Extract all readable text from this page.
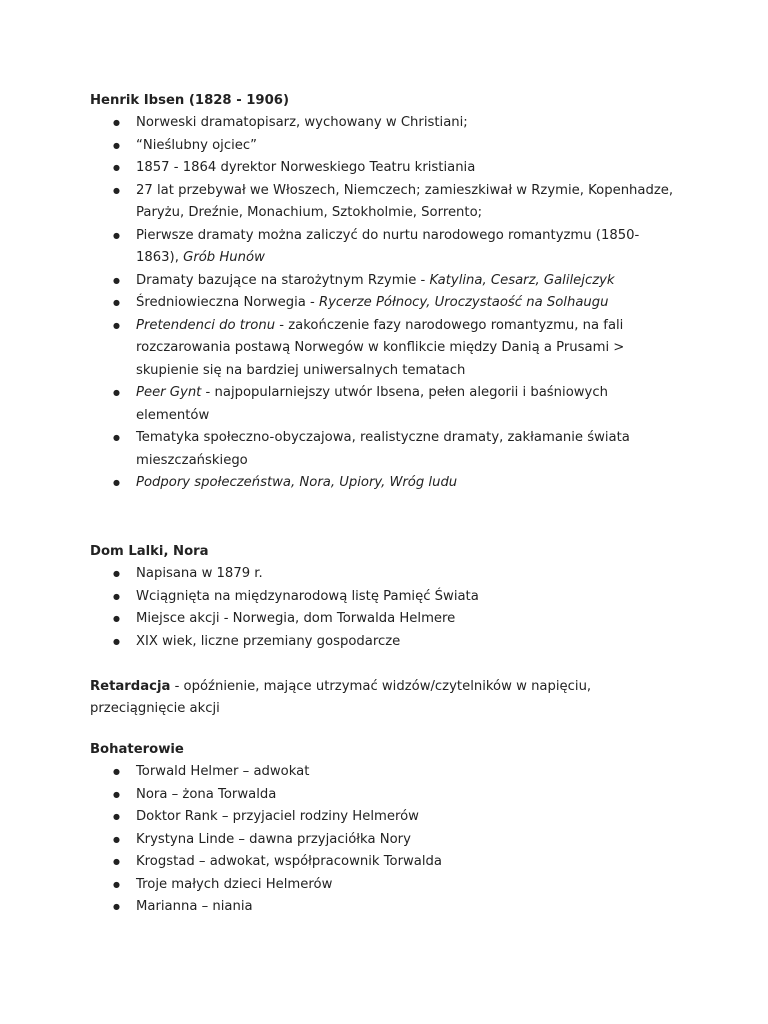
Henrik Ibsen (1828 - 1906)
● Norweski dramatopisarz, wychowany w Christiani;
● “Nieślubny ojciec”
● 1857 - 1864 dyrektor Norweskiego Teatru kristiania
● 27 lat przebywał we Włoszech, Niemczech; zamieszkiwał w Rzymie, Kopenhadze, Paryżu, Dreźnie, Monachium, Sztokholmie, Sorrento;
● Pierwsze dramaty można zaliczyć do nurtu narodowego romantyzmu (1850-1863), Grób Hunów
● Dramaty bazujące na starożytnym Rzymie - Katylina, Cesarz, Galilejczyk
● Średniowieczna Norwegia - Rycerze Północy, Uroczystaość na Solhaugu
● Pretendenci do tronu - zakończenie fazy narodowego romantyzmu, na fali rozczarowania postawą Norwegów w konflikcie między Danią a Prusami > skupienie się na bardziej uniwersalnych tematach
● Peer Gynt - najpopularniejszy utwór Ibsena, pełen alegorii i baśniowych elementów
● Tematyka społeczno-obyczajowa, realistyczne dramaty, zakłamanie świata mieszczańskiego
● Podpory społeczeństwa, Nora, Upiory, Wróg ludu
Dom Lalki, Nora
● Napisana w 1879 r.
● Wciągnięta na międzynarodową listę Pamięć Świata
● Miejsce akcji - Norwegia, dom Torwalda Helmere
● XIX wiek, liczne przemiany gospodarcze
Retardacja - opóźnienie, mające utrzymać widzów/czytelników w napięciu, przeciągnięcie akcji
Bohaterowie
● Torwald Helmer – adwokat
● Nora – żona Torwalda
● Doktor Rank – przyjaciel rodziny Helmerów
● Krystyna Linde – dawna przyjaciółka Nory
● Krogstad – adwokat, współpracownik Torwalda
● Troje małych dzieci Helmerów
● Marianna – niania
